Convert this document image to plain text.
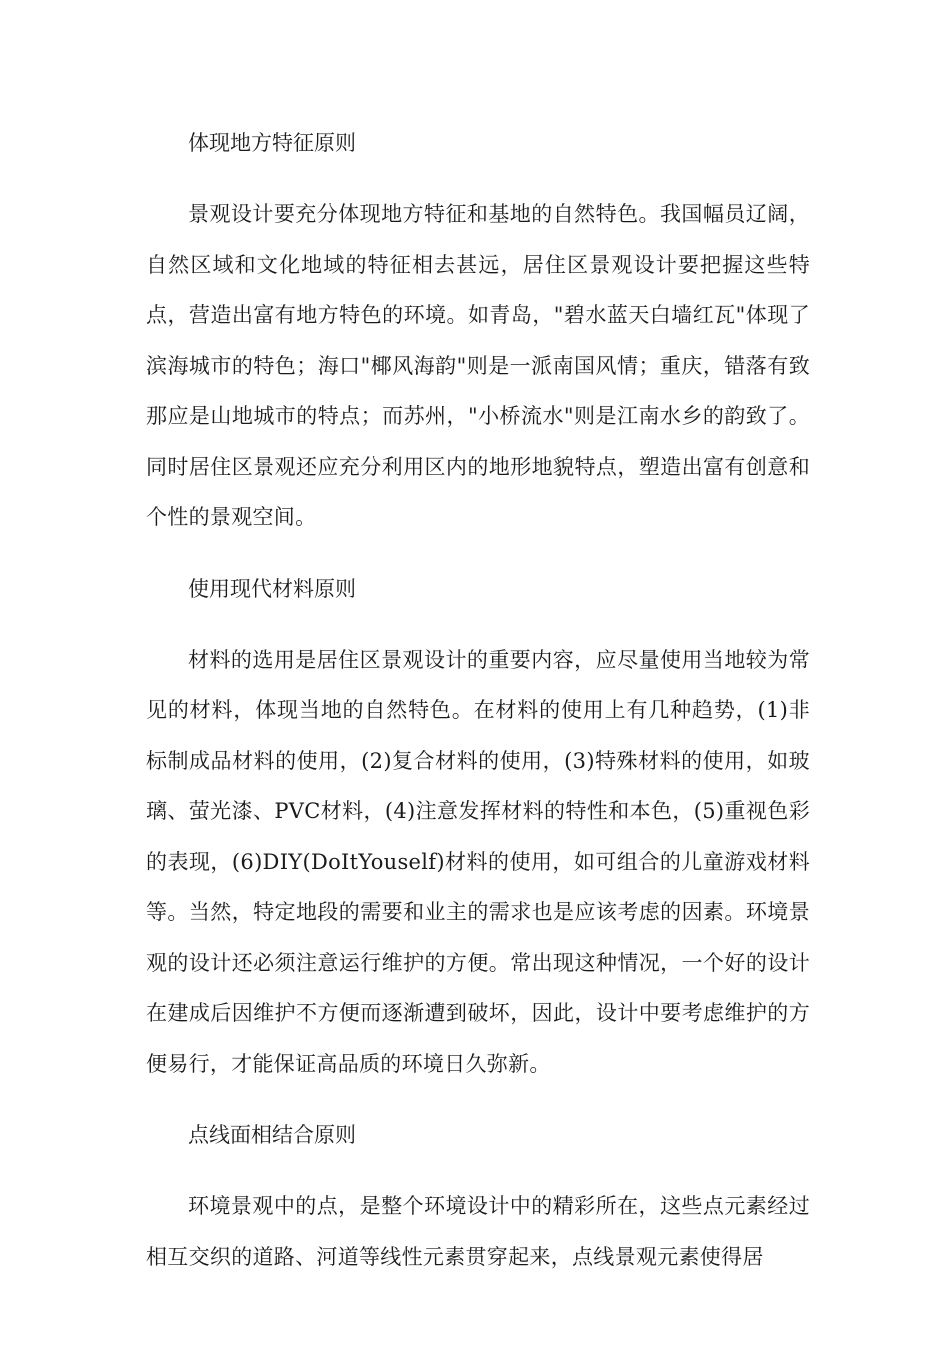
体现地方特征原则

景观设计要充分体现地方特征和基地的自然特色。我国幅员辽阔，自然区域和文化地域的特征相去甚远，居住区景观设计要把握这些特点，营造出富有地方特色的环境。如青岛，"碧水蓝天白墙红瓦"体现了滨海城市的特色；海口"椰风海韵"则是一派南国风情；重庆，错落有致那应是山地城市的特点；而苏州，"小桥流水"则是江南水乡的韵致了。同时居住区景观还应充分利用区内的地形地貌特点，塑造出富有创意和个性的景观空间。

使用现代材料原则

材料的选用是居住区景观设计的重要内容，应尽量使用当地较为常见的材料，体现当地的自然特色。在材料的使用上有几种趋势，(1)非标制成品材料的使用，(2)复合材料的使用，(3)特殊材料的使用，如玻璃、萤光漆、PVC材料，(4)注意发挥材料的特性和本色，(5)重视色彩的表现，(6)DIY(DoItYouself)材料的使用，如可组合的儿童游戏材料等。当然，特定地段的需要和业主的需求也是应该考虑的因素。环境景观的设计还必须注意运行维护的方便。常出现这种情况，一个好的设计在建成后因维护不方便而逐渐遭到破坏，因此，设计中要考虑维护的方便易行，才能保证高品质的环境日久弥新。

点线面相结合原则

环境景观中的点，是整个环境设计中的精彩所在，这些点元素经过相互交织的道路、河道等线性元素贯穿起来，点线景观元素使得居
